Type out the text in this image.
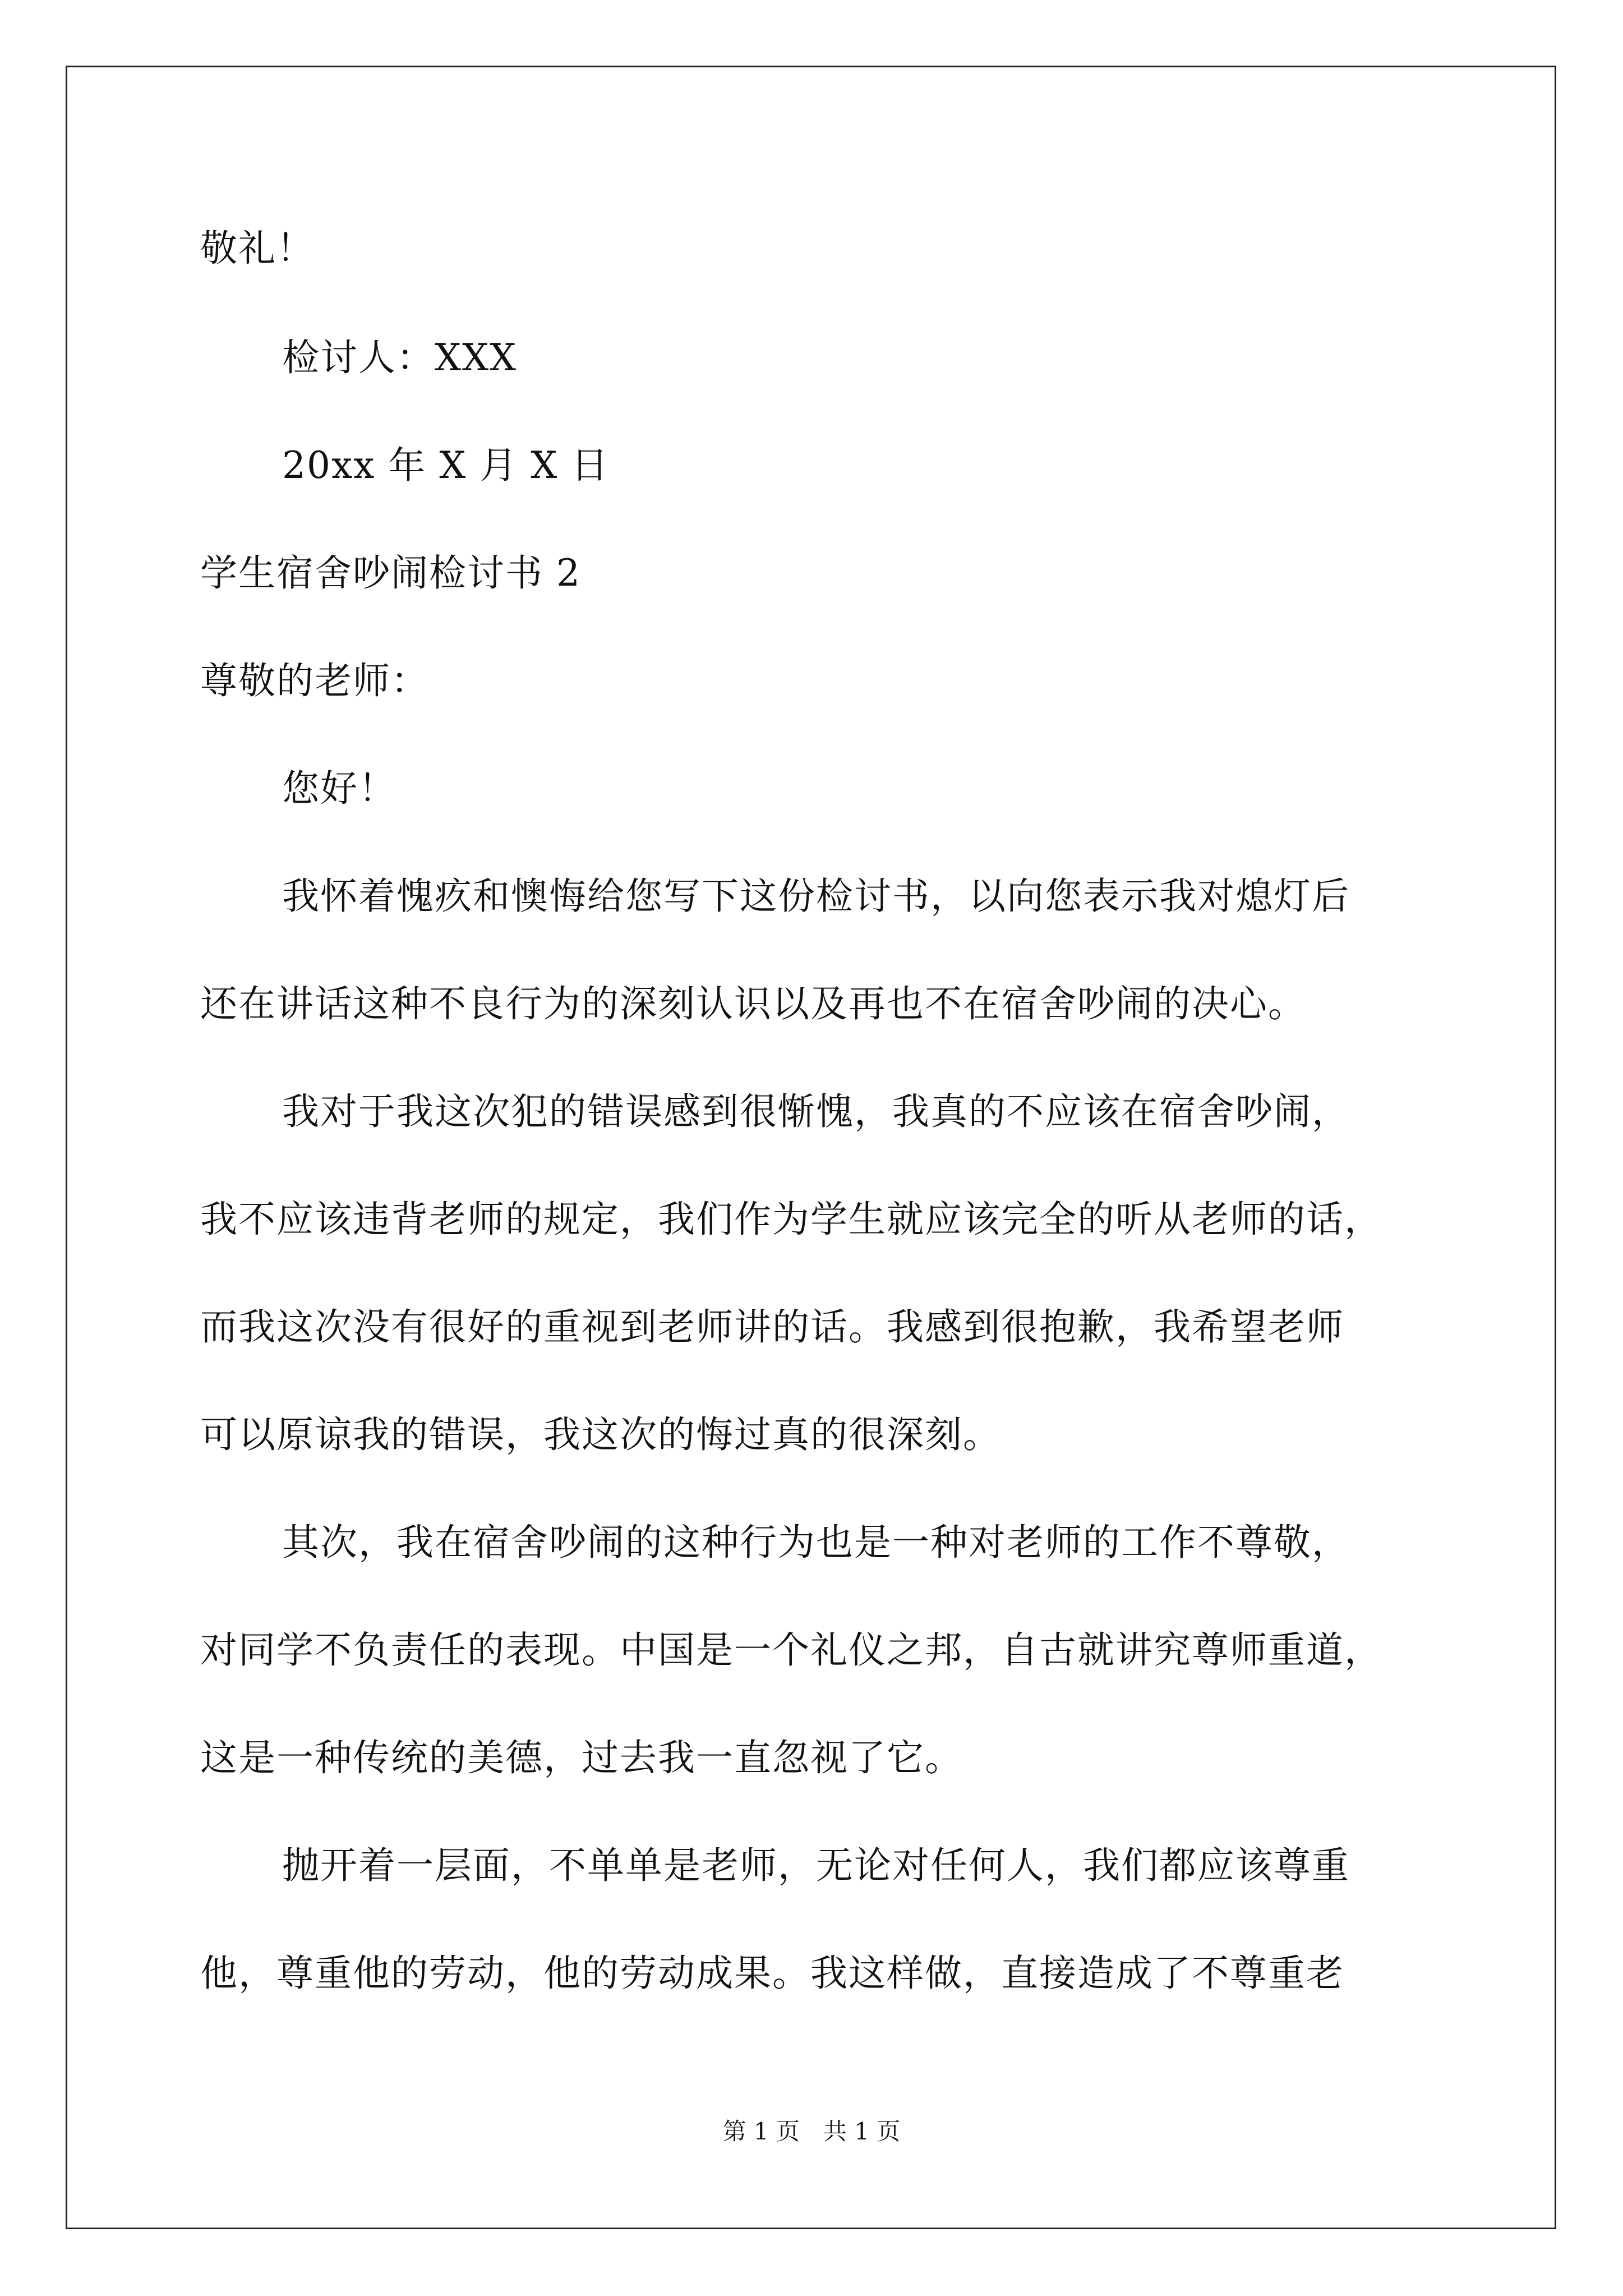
敬礼！
检讨人：XXX
20xx 年 X 月 X 日
学生宿舍吵闹检讨书 2
尊敬的老师：
您好！
我怀着愧疚和懊悔给您写下这份检讨书，以向您表示我对熄灯后
还在讲话这种不良行为的深刻认识以及再也不在宿舍吵闹的决心。
我对于我这次犯的错误感到很惭愧，我真的不应该在宿舍吵闹，
我不应该违背老师的规定，我们作为学生就应该完全的听从老师的话，
而我这次没有很好的重视到老师讲的话。我感到很抱歉，我希望老师
可以原谅我的错误，我这次的悔过真的很深刻。
其次，我在宿舍吵闹的这种行为也是一种对老师的工作不尊敬，
对同学不负责任的表现。中国是一个礼仪之邦，自古就讲究尊师重道，
这是一种传统的美德，过去我一直忽视了它。
抛开着一层面，不单单是老师，无论对任何人，我们都应该尊重
他，尊重他的劳动，他的劳动成果。我这样做，直接造成了不尊重老
第 1 页　共 1 页
